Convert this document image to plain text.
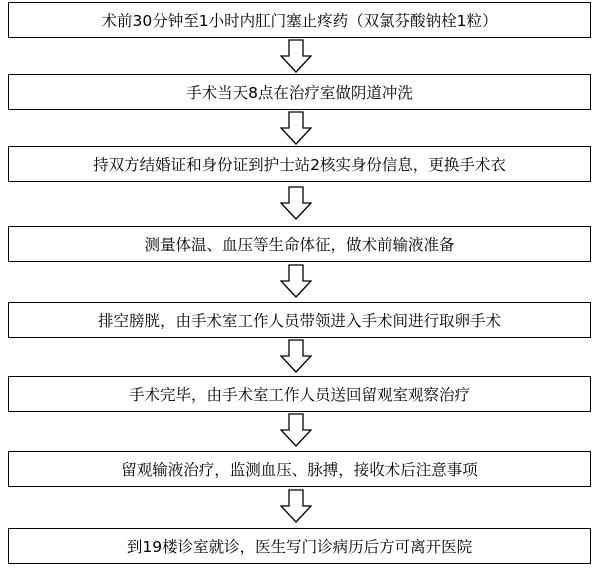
术前30分钟至1小时内肛门塞止疼药（双氯芬酸钠栓1粒）
手术当天8点在治疗室做阴道冲洗
持双方结婚证和身份证到护士站2核实身份信息，更换手术衣
测量体温、血压等生命体征，做术前输液准备
排空膀胱，由手术室工作人员带领进入手术间进行取卵手术
手术完毕，由手术室工作人员送回留观室观察治疗
留观输液治疗，监测血压、脉搏，接收术后注意事项
到19楼诊室就诊，医生写门诊病历后方可离开医院
